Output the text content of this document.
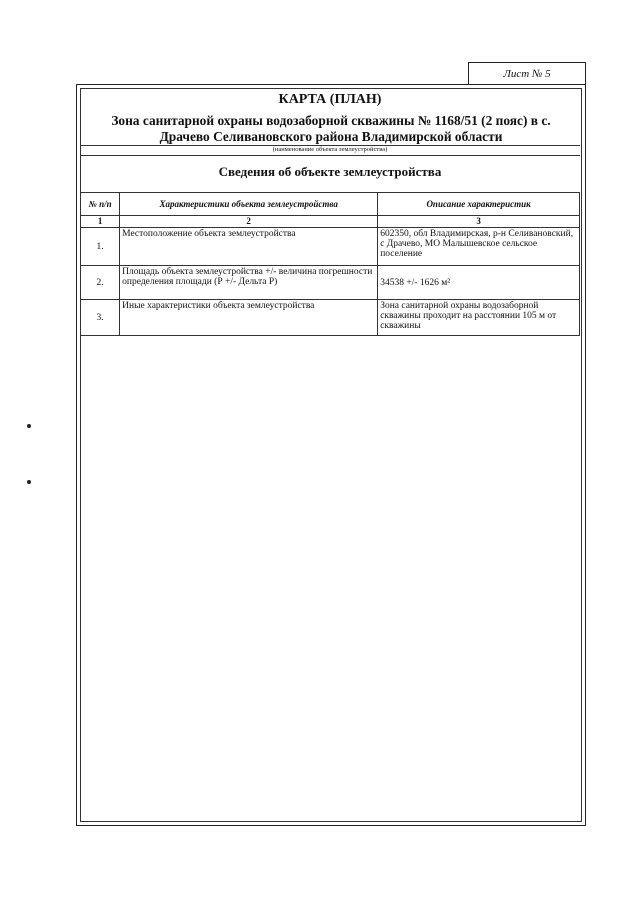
Лист № 5
КАРТА (ПЛАН)
Зона санитарной охраны водозаборной скважины № 1168/51 (2 пояс) в с.
Драчево Селивановского района Владимирской области
(наименование объекта землеустройства)
Сведения об объекте землеустройства
№ п/п	Характеристики объекта землеустройства	Описание характеристик
1	2	3
1.	Местоположение объекта землеустройства	602350, обл Владимирская, р-н Селивановский, с Драчево, МО Малышевское сельское поселение
2.	Площадь объекта землеустройства +/- величина погрешности определения площади (Р +/- Дельта Р)	34538 +/- 1626 м²
3.	Иные характеристики объекта землеустройства	Зона санитарной охраны водозаборной скважины проходит на расстоянии 105 м от скважины
